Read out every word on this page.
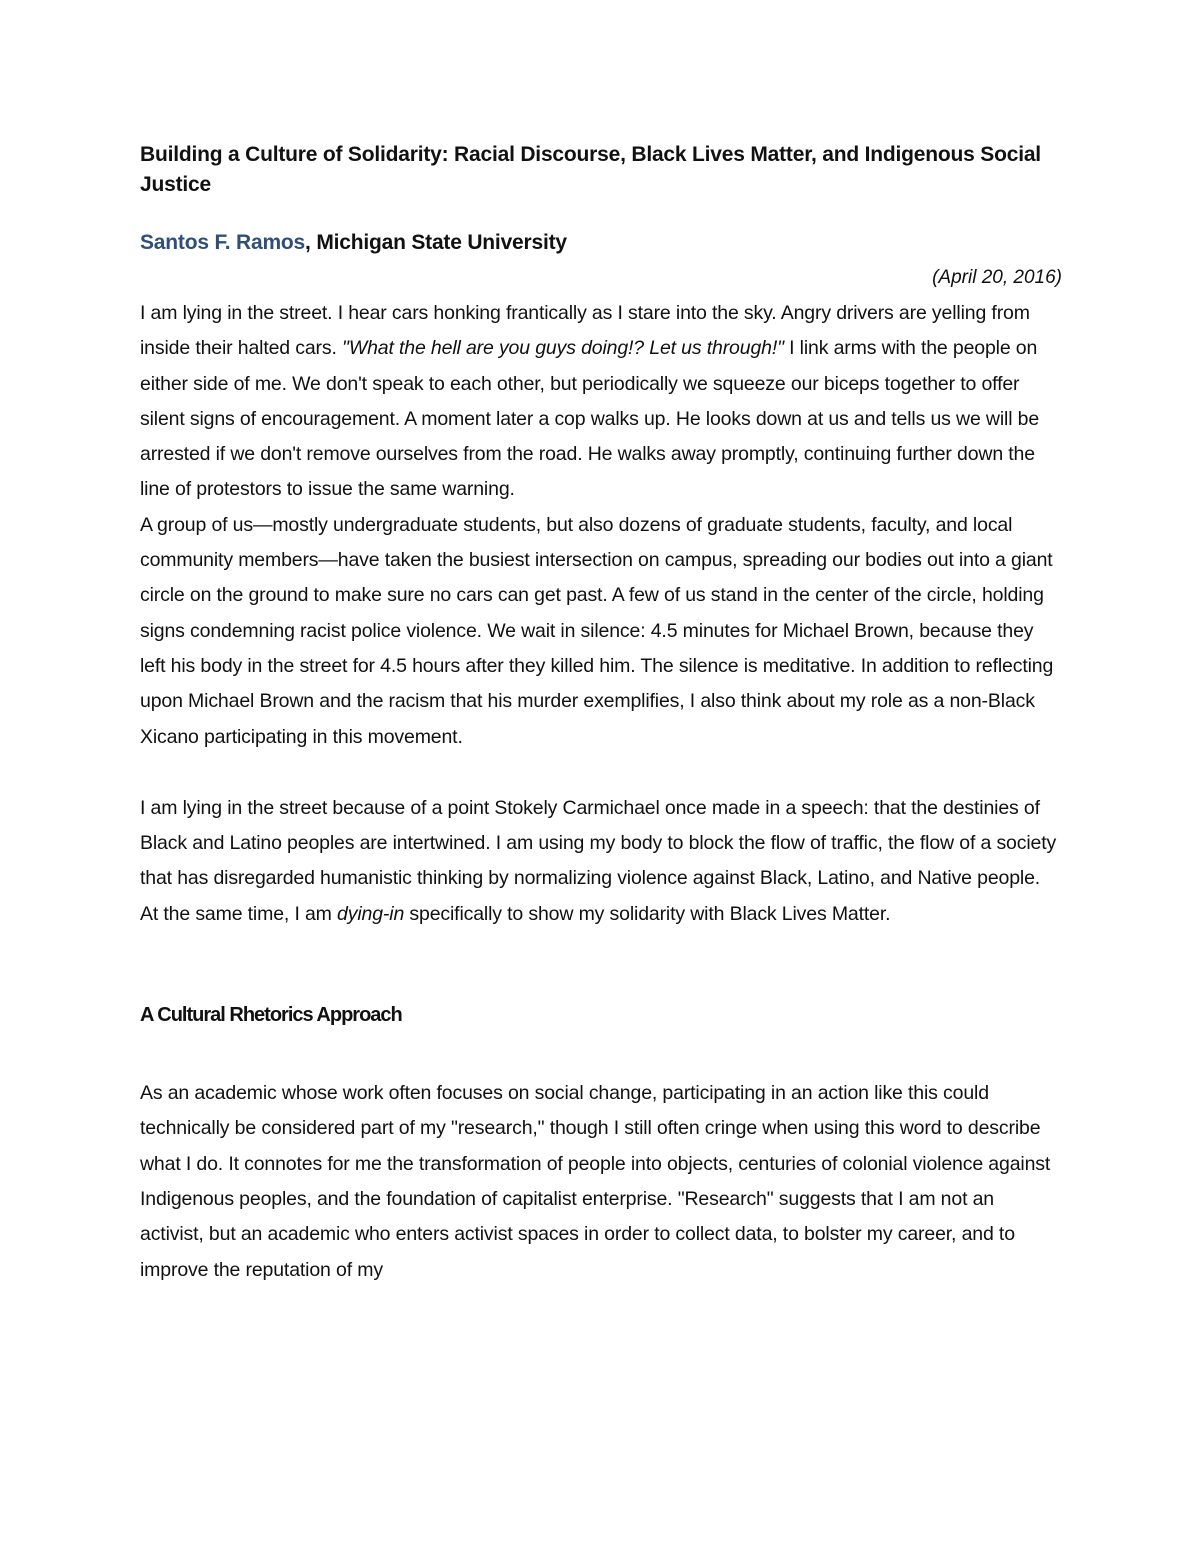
Building a Culture of Solidarity: Racial Discourse, Black Lives Matter, and Indigenous Social Justice
Santos F. Ramos, Michigan State University
(April 20, 2016)

I am lying in the street. I hear cars honking frantically as I stare into the sky. Angry drivers are yelling from inside their halted cars. "What the hell are you guys doing!? Let us through!" I link arms with the people on either side of me. We don't speak to each other, but periodically we squeeze our biceps together to offer silent signs of encouragement. A moment later a cop walks up. He looks down at us and tells us we will be arrested if we don't remove ourselves from the road. He walks away promptly, continuing further down the line of protestors to issue the same warning.

A group of us—mostly undergraduate students, but also dozens of graduate students, faculty, and local community members—have taken the busiest intersection on campus, spreading our bodies out into a giant circle on the ground to make sure no cars can get past. A few of us stand in the center of the circle, holding signs condemning racist police violence. We wait in silence: 4.5 minutes for Michael Brown, because they left his body in the street for 4.5 hours after they killed him. The silence is meditative. In addition to reflecting upon Michael Brown and the racism that his murder exemplifies, I also think about my role as a non-Black Xicano participating in this movement.

I am lying in the street because of a point Stokely Carmichael once made in a speech: that the destinies of Black and Latino peoples are intertwined. I am using my body to block the flow of traffic, the flow of a society that has disregarded humanistic thinking by normalizing violence against Black, Latino, and Native people. At the same time, I am dying-in specifically to show my solidarity with Black Lives Matter.

A Cultural Rhetorics Approach

As an academic whose work often focuses on social change, participating in an action like this could technically be considered part of my "research," though I still often cringe when using this word to describe what I do. It connotes for me the transformation of people into objects, centuries of colonial violence against Indigenous peoples, and the foundation of capitalist enterprise. "Research" suggests that I am not an activist, but an academic who enters activist spaces in order to collect data, to bolster my career, and to improve the reputation of my
